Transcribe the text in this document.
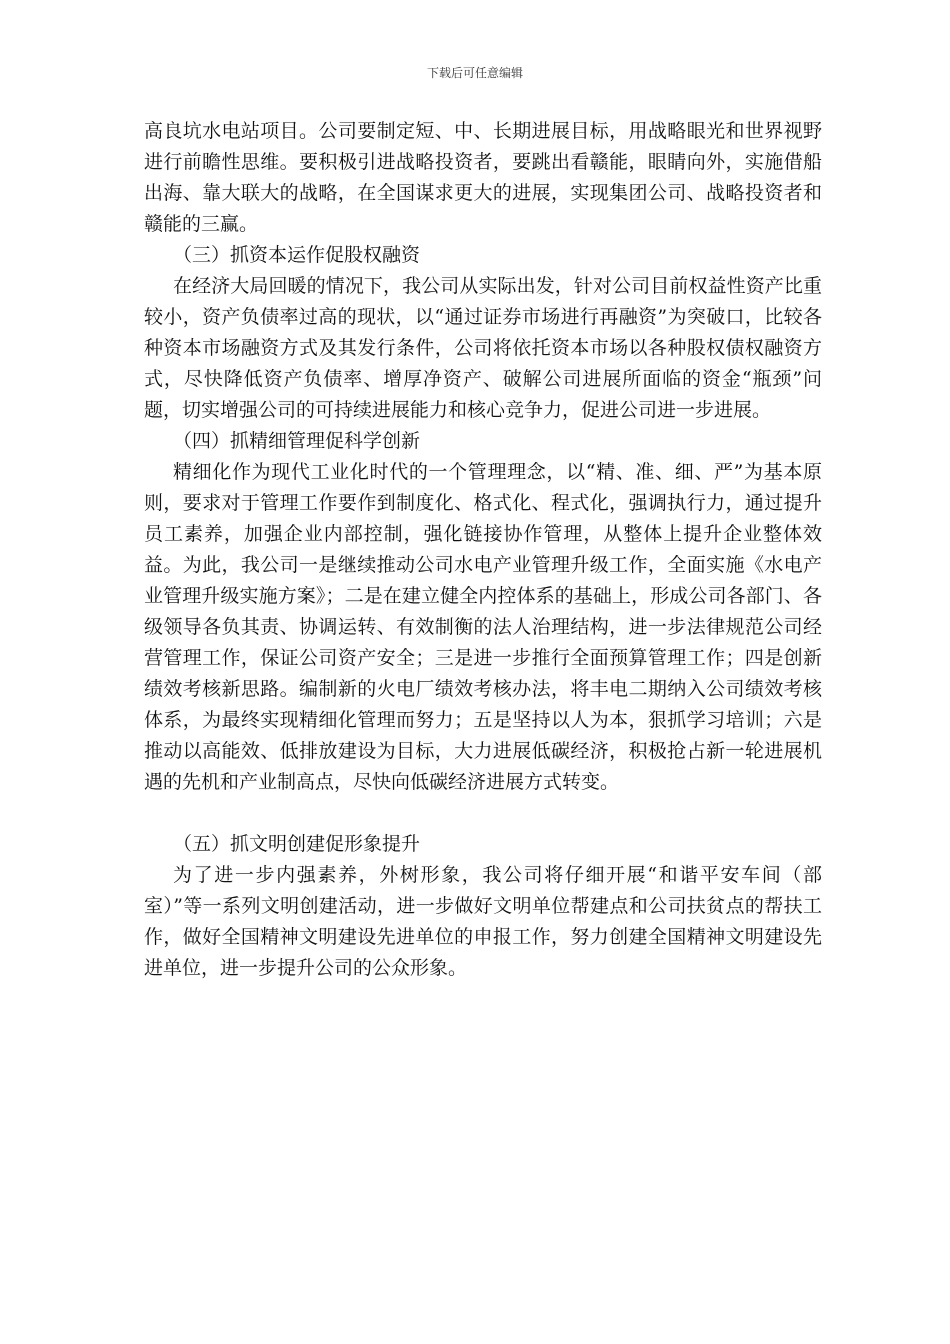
下载后可任意编辑

高良坑水电站项目。公司要制定短、中、长期进展目标，用战略眼光和世界视野进行前瞻性思维。要积极引进战略投资者，要跳出看赣能，眼睛向外，实施借船出海、靠大联大的战略，在全国谋求更大的进展，实现集团公司、战略投资者和赣能的三赢。

（三）抓资本运作促股权融资

在经济大局回暖的情况下，我公司从实际出发，针对公司目前权益性资产比重较小，资产负债率过高的现状，以“通过证券市场进行再融资”为突破口，比较各种资本市场融资方式及其发行条件，公司将依托资本市场以各种股权债权融资方式，尽快降低资产负债率、增厚净资产、破解公司进展所面临的资金“瓶颈”问题，切实增强公司的可持续进展能力和核心竞争力，促进公司进一步进展。

（四）抓精细管理促科学创新

精细化作为现代工业化时代的一个管理理念，以“精、准、细、严”为基本原则，要求对于管理工作要作到制度化、格式化、程式化，强调执行力，通过提升员工素养，加强企业内部控制，强化链接协作管理，从整体上提升企业整体效益。为此，我公司一是继续推动公司水电产业管理升级工作，全面实施《水电产业管理升级实施方案》；二是在建立健全内控体系的基础上，形成公司各部门、各级领导各负其责、协调运转、有效制衡的法人治理结构，进一步法律规范公司经营管理工作，保证公司资产安全；三是进一步推行全面预算管理工作；四是创新绩效考核新思路。编制新的火电厂绩效考核办法，将丰电二期纳入公司绩效考核体系，为最终实现精细化管理而努力；五是坚持以人为本，狠抓学习培训；六是推动以高能效、低排放建设为目标，大力进展低碳经济，积极抢占新一轮进展机遇的先机和产业制高点，尽快向低碳经济进展方式转变。

（五）抓文明创建促形象提升

为了进一步内强素养，外树形象，我公司将仔细开展“和谐平安车间（部室）”等一系列文明创建活动，进一步做好文明单位帮建点和公司扶贫点的帮扶工作，做好全国精神文明建设先进单位的申报工作，努力创建全国精神文明建设先进单位，进一步提升公司的公众形象。
